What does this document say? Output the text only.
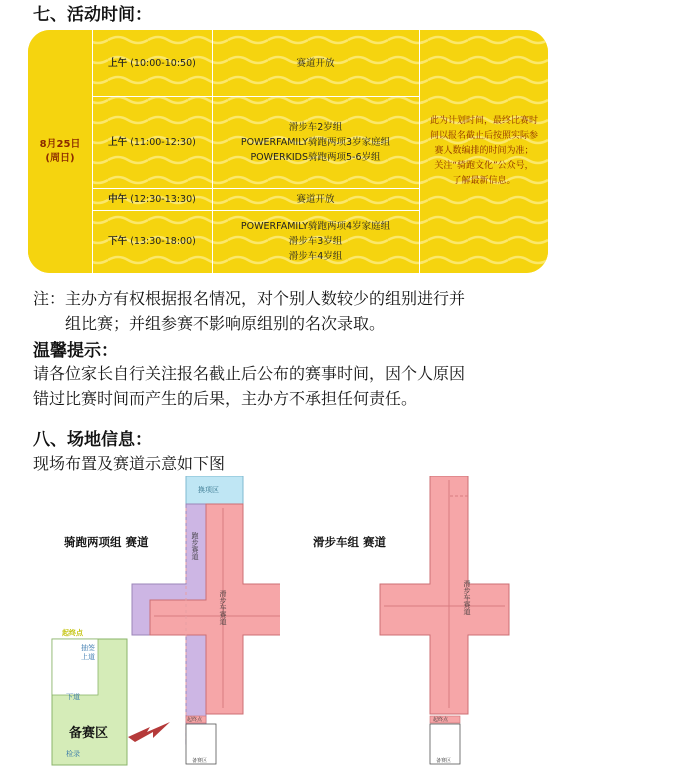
七、活动时间：
8月25日
(周日)
上午
(10:00-10:50)	赛道开放
上午
(11:00-12:30)
滑步车2岁组
POWERFAMILY骑跑两项3岁家庭组
POWERKIDS骑跑两项5-6岁组
中午
(12:30-13:30)	赛道开放
下午
(13:30-18:00)
POWERFAMILY骑跑两项4岁家庭组
滑步车3岁组
滑步车4岁组
此为计划时间，最终比赛时
间以报名截止后按照实际参
赛人数编排的时间为准；
关注“骑跑文化”公众号，
了解最新信息。
注：主办方有权根据报名情况，对个别人数较少的组别进行并
组比赛；并组参赛不影响原组别的名次录取。
温馨提示：
请各位家长自行关注报名截止后公布的赛事时间，因个人原因
错过比赛时间而产生的后果，主办方不承担任何责任。
八、场地信息：
现场布置及赛道示意如下图
骑跑两项组 赛道
换项区
跑步赛道
滑步车赛道
起终点
抽签
上道
下道
备赛区
检录
起终点
备赛区
滑步车组 赛道
滑步车赛道
起终点
备赛区
